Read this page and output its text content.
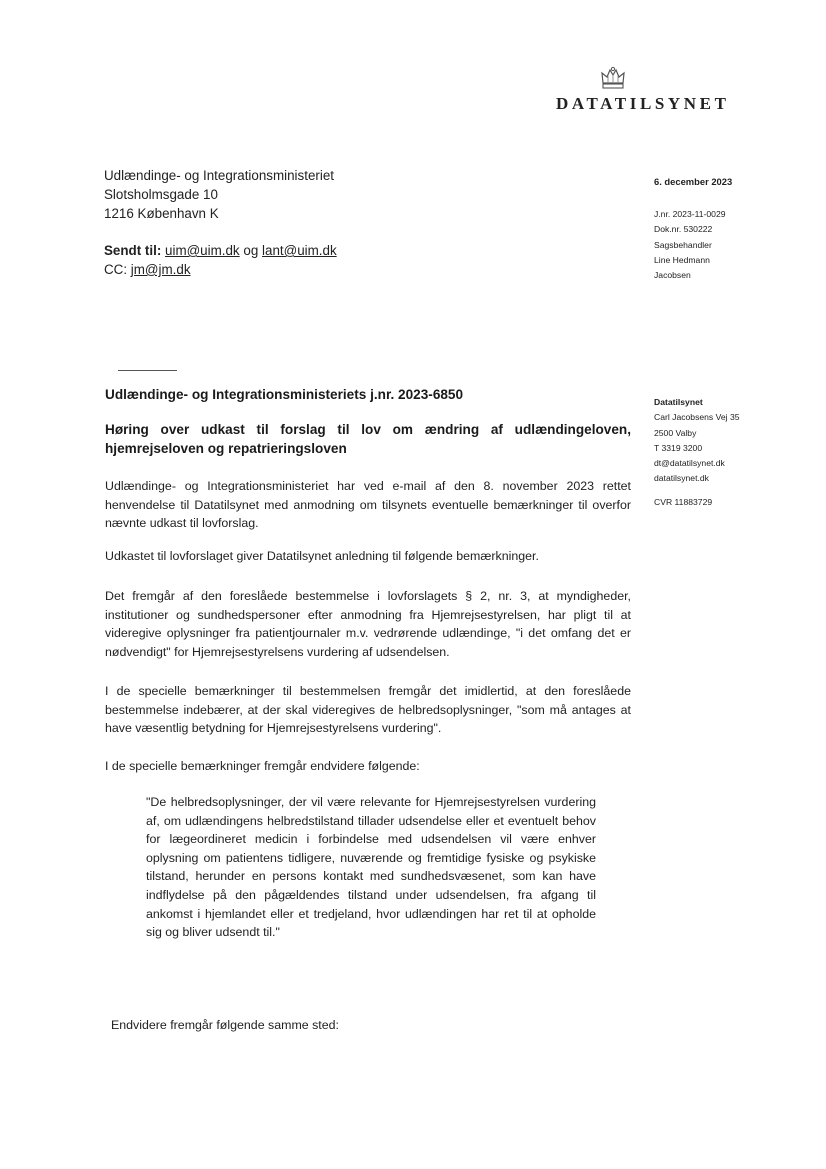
DATATILSYNET
Udlændinge- og Integrationsministeriet
Slotsholmsgade 10
1216 København K
Sendt til: uim@uim.dk og lant@uim.dk
CC: jm@jm.dk
6. december 2023
J.nr. 2023-11-0029
Dok.nr. 530222
Sagsbehandler
Line Hedmann
Jacobsen
Datatilsynet
Carl Jacobsens Vej 35
2500 Valby
T 3319 3200
dt@datatilsynet.dk
datatilsynet.dk
CVR 11883729
Udlændinge- og Integrationsministeriets j.nr. 2023-6850
Høring over udkast til forslag til lov om ændring af udlændingeloven, hjemrejseloven og repatrieringsloven
Udlændinge- og Integrationsministeriet har ved e-mail af den 8. november 2023 rettet henvendelse til Datatilsynet med anmodning om tilsynets eventuelle bemærkninger til overfor nævnte udkast til lovforslag.
Udkastet til lovforslaget giver Datatilsynet anledning til følgende bemærkninger.
Det fremgår af den foreslåede bestemmelse i lovforslagets § 2, nr. 3, at myndigheder, institutioner og sundhedspersoner efter anmodning fra Hjemrejsestyrelsen, har pligt til at videregive oplysninger fra patientjournaler m.v. vedrørende udlændinge, "i det omfang det er nødvendigt" for Hjemrejsestyrelsens vurdering af udsendelsen.
I de specielle bemærkninger til bestemmelsen fremgår det imidlertid, at den foreslåede bestemmelse indebærer, at der skal videregives de helbredsoplysninger, "som må antages at have væsentlig betydning for Hjemrejsestyrelsens vurdering".
I de specielle bemærkninger fremgår endvidere følgende:
"De helbredsoplysninger, der vil være relevante for Hjemrejsestyrelsen vurdering af, om udlændingens helbredstilstand tillader udsendelse eller et eventuelt behov for lægeordineret medicin i forbindelse med udsendelsen vil være enhver oplysning om patientens tidligere, nuværende og fremtidige fysiske og psykiske tilstand, herunder en persons kontakt med sundhedsvæsenet, som kan have indflydelse på den pågældendes tilstand under udsendelsen, fra afgang til ankomst i hjemlandet eller et tredjeland, hvor udlændingen har ret til at opholde sig og bliver udsendt til."
Endvidere fremgår følgende samme sted:
